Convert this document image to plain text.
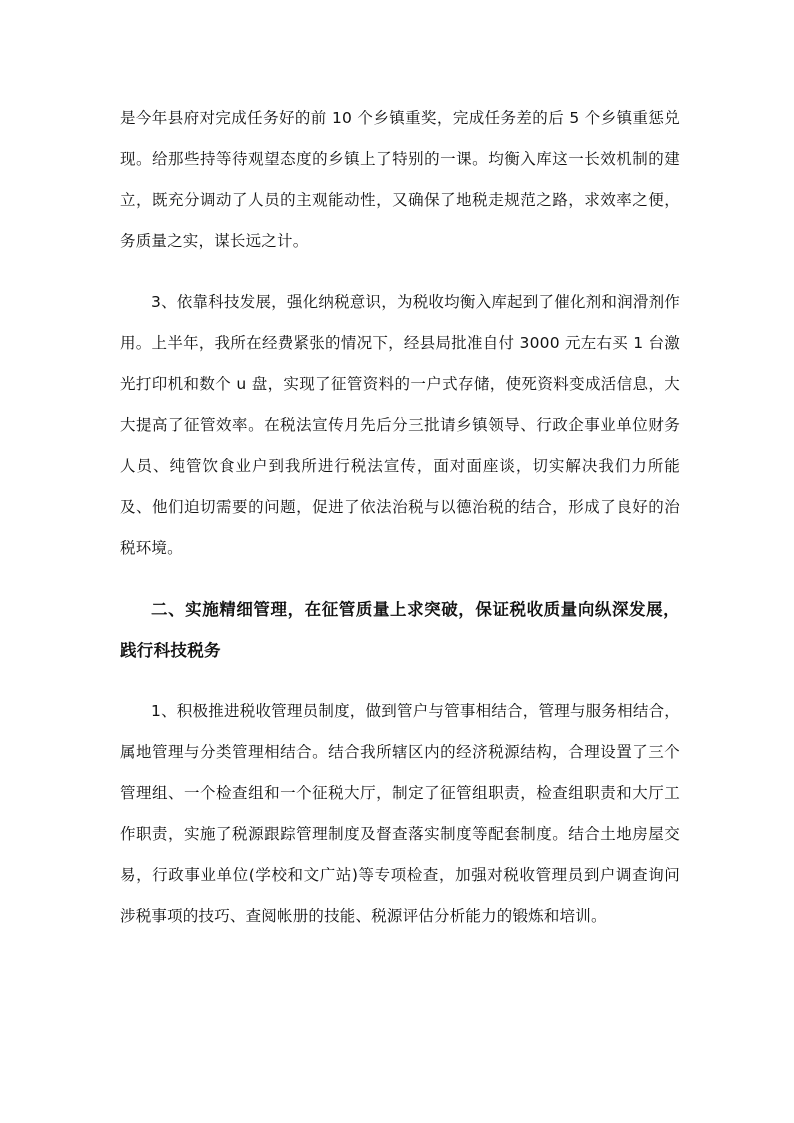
是今年县府对完成任务好的前 10 个乡镇重奖，完成任务差的后 5 个乡镇重惩兑现。给那些持等待观望态度的乡镇上了特别的一课。均衡入库这一长效机制的建立，既充分调动了人员的主观能动性，又确保了地税走规范之路，求效率之便，务质量之实，谋长远之计。

3、依靠科技发展，强化纳税意识，为税收均衡入库起到了催化剂和润滑剂作用。上半年，我所在经费紧张的情况下，经县局批准自付 3000 元左右买 1 台激光打印机和数个 u 盘，实现了征管资料的一户式存储，使死资料变成活信息，大大提高了征管效率。在税法宣传月先后分三批请乡镇领导、行政企事业单位财务人员、纯管饮食业户到我所进行税法宣传，面对面座谈，切实解决我们力所能及、他们迫切需要的问题，促进了依法治税与以德治税的结合，形成了良好的治税环境。

二、实施精细管理，在征管质量上求突破，保证税收质量向纵深发展，践行科技税务

1、积极推进税收管理员制度，做到管户与管事相结合，管理与服务相结合，属地管理与分类管理相结合。结合我所辖区内的经济税源结构，合理设置了三个管理组、一个检查组和一个征税大厅，制定了征管组职责，检查组职责和大厅工作职责，实施了税源跟踪管理制度及督查落实制度等配套制度。结合土地房屋交易，行政事业单位(学校和文广站)等专项检查，加强对税收管理员到户调查询问涉税事项的技巧、查阅帐册的技能、税源评估分析能力的锻炼和培训。
